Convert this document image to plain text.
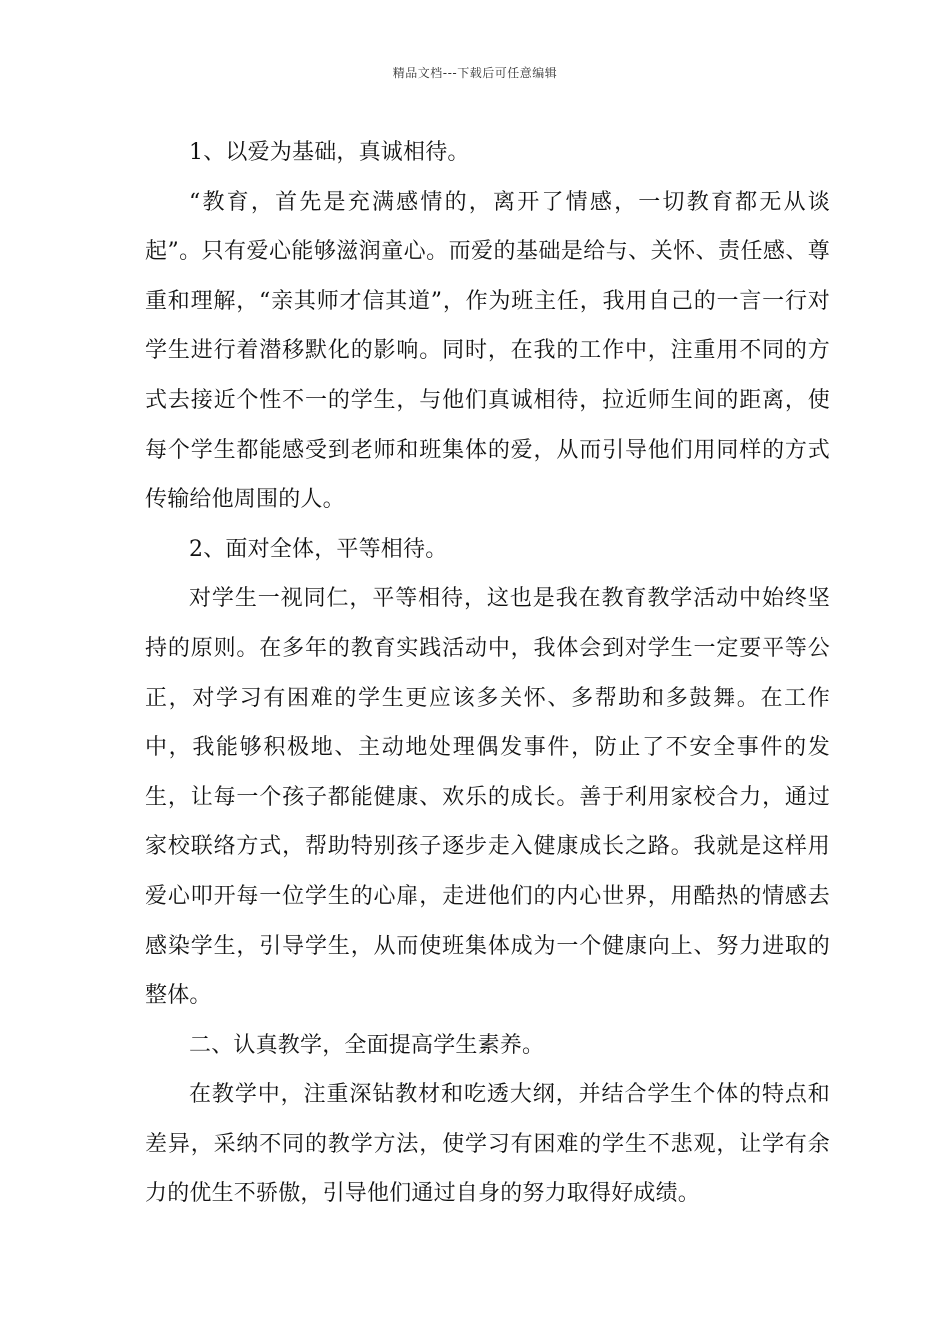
精品文档---下载后可任意编辑

1、以爱为基础，真诚相待。

“教育，首先是充满感情的，离开了情感，一切教育都无从谈起”。只有爱心能够滋润童心。而爱的基础是给与、关怀、责任感、尊重和理解，“亲其师才信其道”，作为班主任，我用自己的一言一行对学生进行着潜移默化的影响。同时，在我的工作中，注重用不同的方式去接近个性不一的学生，与他们真诚相待，拉近师生间的距离，使每个学生都能感受到老师和班集体的爱，从而引导他们用同样的方式传输给他周围的人。

2、面对全体，平等相待。

对学生一视同仁，平等相待，这也是我在教育教学活动中始终坚持的原则。在多年的教育实践活动中，我体会到对学生一定要平等公正，对学习有困难的学生更应该多关怀、多帮助和多鼓舞。在工作中，我能够积极地、主动地处理偶发事件，防止了不安全事件的发生，让每一个孩子都能健康、欢乐的成长。善于利用家校合力，通过家校联络方式，帮助特别孩子逐步走入健康成长之路。我就是这样用爱心叩开每一位学生的心扉，走进他们的内心世界，用酷热的情感去感染学生，引导学生，从而使班集体成为一个健康向上、努力进取的整体。

二、认真教学，全面提高学生素养。

在教学中，注重深钻教材和吃透大纲，并结合学生个体的特点和差异，采纳不同的教学方法，使学习有困难的学生不悲观，让学有余力的优生不骄傲，引导他们通过自身的努力取得好成绩。
